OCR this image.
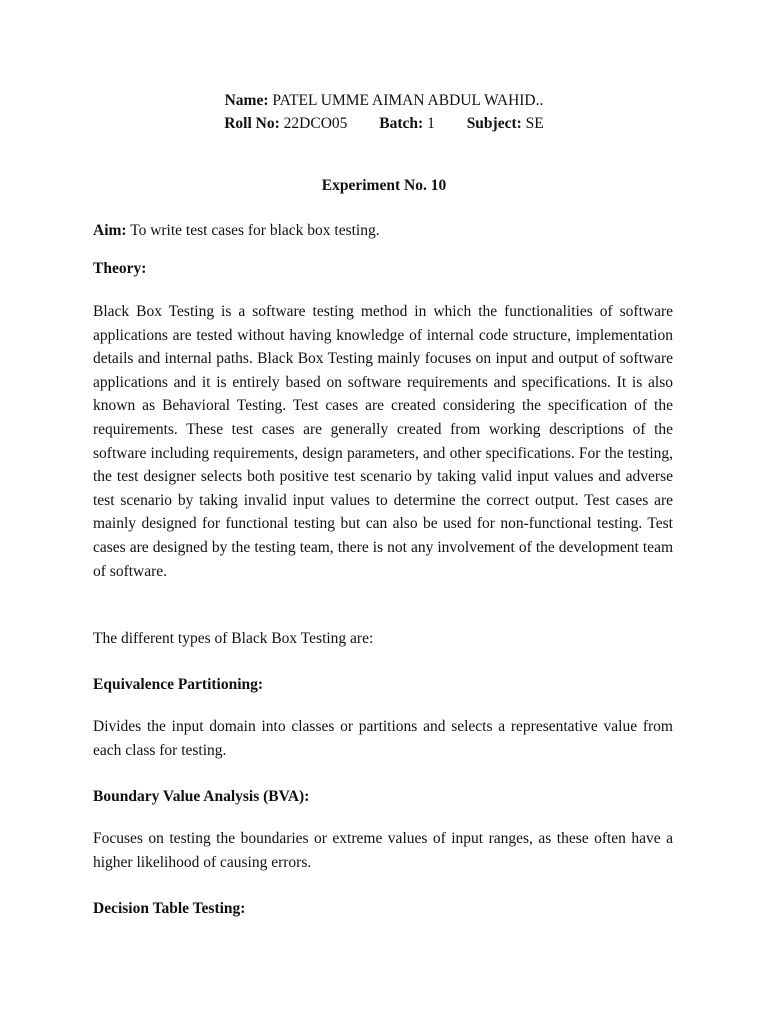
Name: PATEL UMME AIMAN ABDUL WAHID..
Roll No: 22DCO05 Batch: 1 Subject: SE
Experiment No. 10
Aim: To write test cases for black box testing.
Theory:
Black Box Testing is a software testing method in which the functionalities of software applications are tested without having knowledge of internal code structure, implementation details and internal paths. Black Box Testing mainly focuses on input and output of software applications and it is entirely based on software requirements and specifications. It is also known as Behavioral Testing. Test cases are created considering the specification of the requirements. These test cases are generally created from working descriptions of the software including requirements, design parameters, and other specifications. For the testing, the test designer selects both positive test scenario by taking valid input values and adverse test scenario by taking invalid input values to determine the correct output. Test cases are mainly designed for functional testing but can also be used for non-functional testing. Test cases are designed by the testing team, there is not any involvement of the development team of software.
The different types of Black Box Testing are:
Equivalence Partitioning:
Divides the input domain into classes or partitions and selects a representative value from each class for testing.
Boundary Value Analysis (BVA):
Focuses on testing the boundaries or extreme values of input ranges, as these often have a higher likelihood of causing errors.
Decision Table Testing:
